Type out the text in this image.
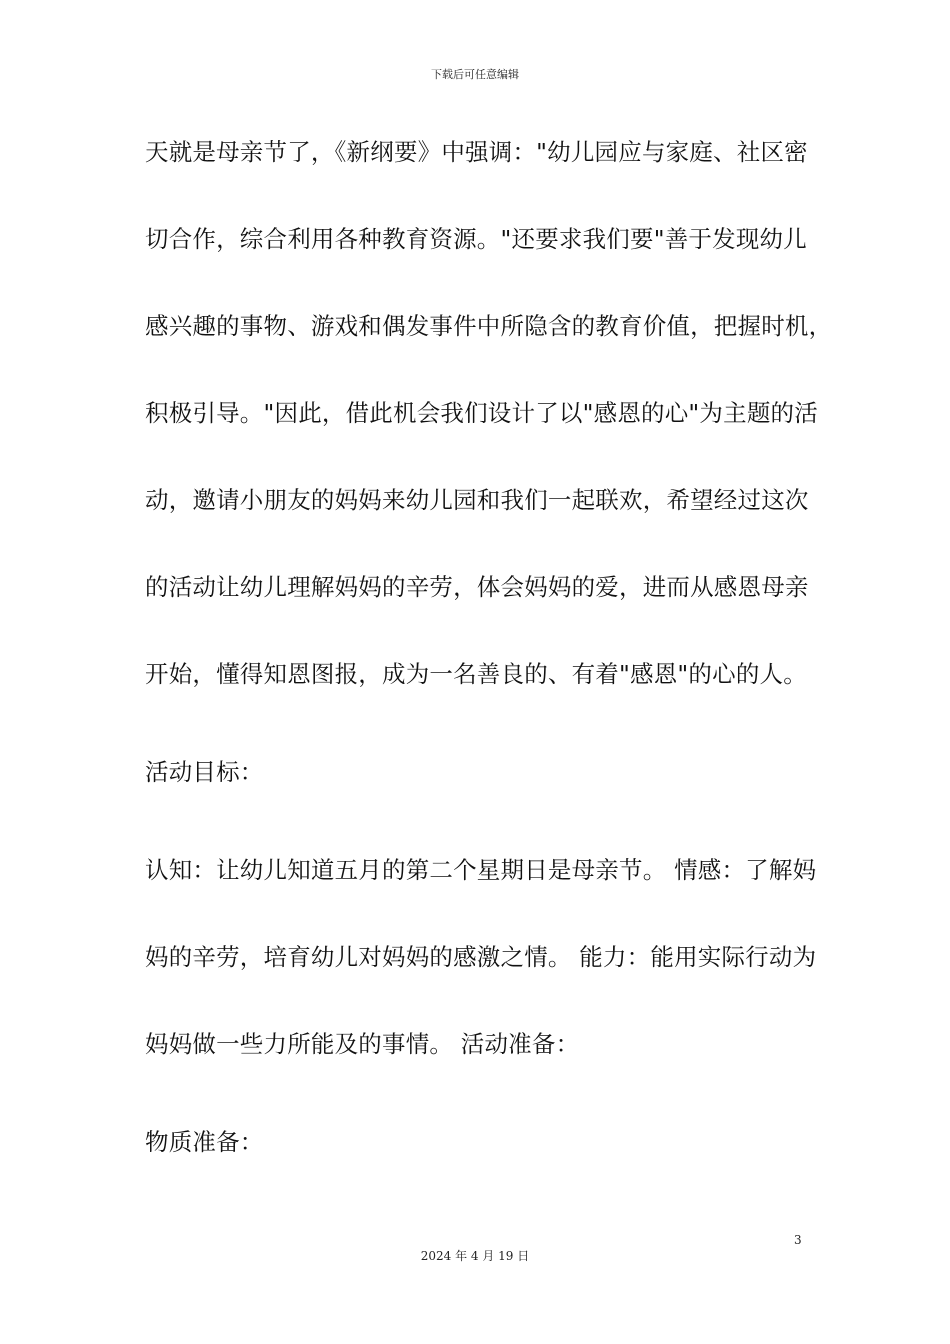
下载后可任意编辑
天就是母亲节了，《新纲要》中强调："幼儿园应与家庭、社区密
切合作，综合利用各种教育资源。"还要求我们要"善于发现幼儿
感兴趣的事物、游戏和偶发事件中所隐含的教育价值，把握时机，
积极引导。"因此，借此机会我们设计了以"感恩的心"为主题的活
动，邀请小朋友的妈妈来幼儿园和我们一起联欢，希望经过这次
的活动让幼儿理解妈妈的辛劳，体会妈妈的爱，进而从感恩母亲
开始，懂得知恩图报，成为一名善良的、有着"感恩"的心的人。
活动目标：
认知：让幼儿知道五月的第二个星期日是母亲节。 情感：了解妈
妈的辛劳，培育幼儿对妈妈的感激之情。 能力：能用实际行动为
妈妈做一些力所能及的事情。 活动准备：
物质准备：
3
2024 年 4 月 19 日
